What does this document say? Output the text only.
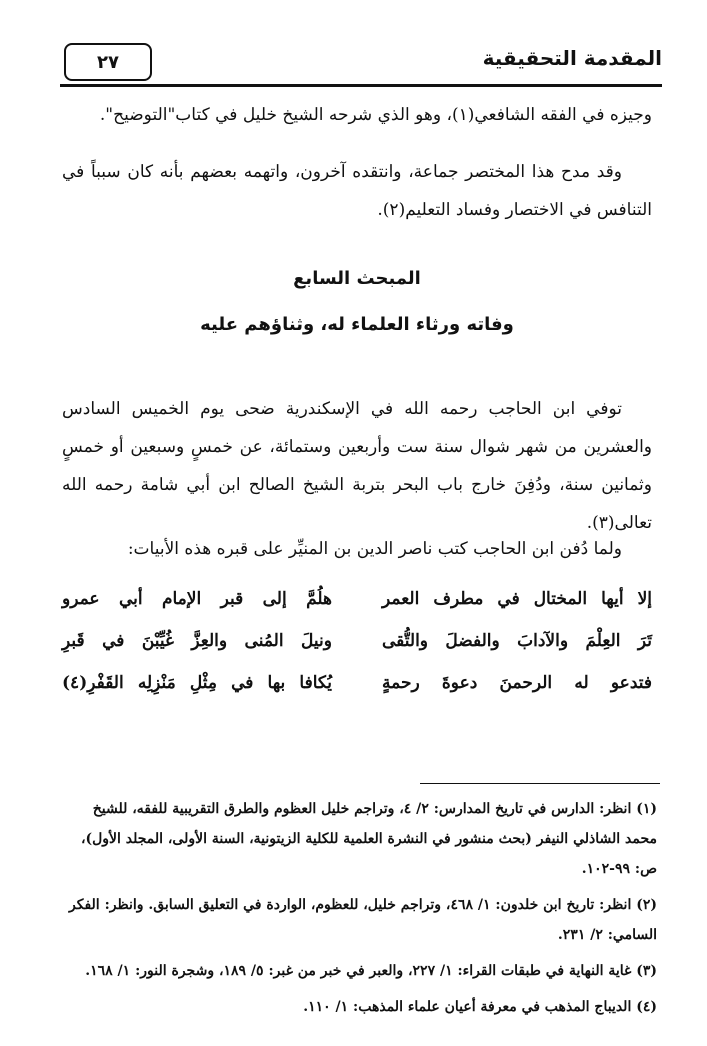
المقدمة التحقيقية
٢٧
وجيزه في الفقه الشافعي(١)، وهو الذي شرحه الشيخ خليل في كتاب"التوضيح".
وقد مدح هذا المختصر جماعة، وانتقده آخرون، واتهمه بعضهم بأنه كان سبباً في التنافس في الاختصار وفساد التعليم(٢).
المبحث السابع
وفاته ورثاء العلماء له، وثناؤهم عليه
توفي ابن الحاجب رحمه الله في الإسكندرية ضحى يوم الخميس السادس والعشرين من شهر شوال سنة ست وأربعين وستمائة، عن خمسٍ وسبعين أو خمسٍ وثمانين سنة، ودُفِنَ خارج باب البحر بتربة الشيخ الصالح ابن أبي شامة رحمه الله تعالى(٣).
ولما دُفن ابن الحاجب كتب ناصر الدين بن المنيِّر على قبره هذه الأبيات:
إلا أيها المختال في مطرف العمر
هلُمَّ إلى قبر الإمام أبي عمرو
تَرَ العِلْمَ والآدابَ والفضلَ والتُّقى
ونيلَ المُنى والعِزَّ غُيِّبْنَ في قَبرِ
فتدعو له الرحمنَ دعوةَ رحمةٍ
يُكافا بها في مِثْلِ مَنْزِلِه القَفْرِ(٤)

(١) انظر: الدارس في تاريخ المدارس: ٢/ ٤، وتراجم خليل العظوم والطرق التقريبية للفقه، للشيخ محمد الشاذلي النيفر (بحث منشور في النشرة العلمية للكلية الزيتونية، السنة الأولى، المجلد الأول)، ص: ٩٩-١٠٢.

(٢) انظر: تاريخ ابن خلدون: ١/ ٤٦٨، وتراجم خليل، للعظوم، الواردة في التعليق السابق. وانظر: الفكر السامي: ٢/ ٢٣١.

(٣) غاية النهاية في طبقات القراء: ١/ ٢٢٧، والعبر في خبر من غبر: ٥/ ١٨٩، وشجرة النور: ١/ ١٦٨.

(٤) الديباج المذهب في معرفة أعيان علماء المذهب: ١/ ١١٠.
